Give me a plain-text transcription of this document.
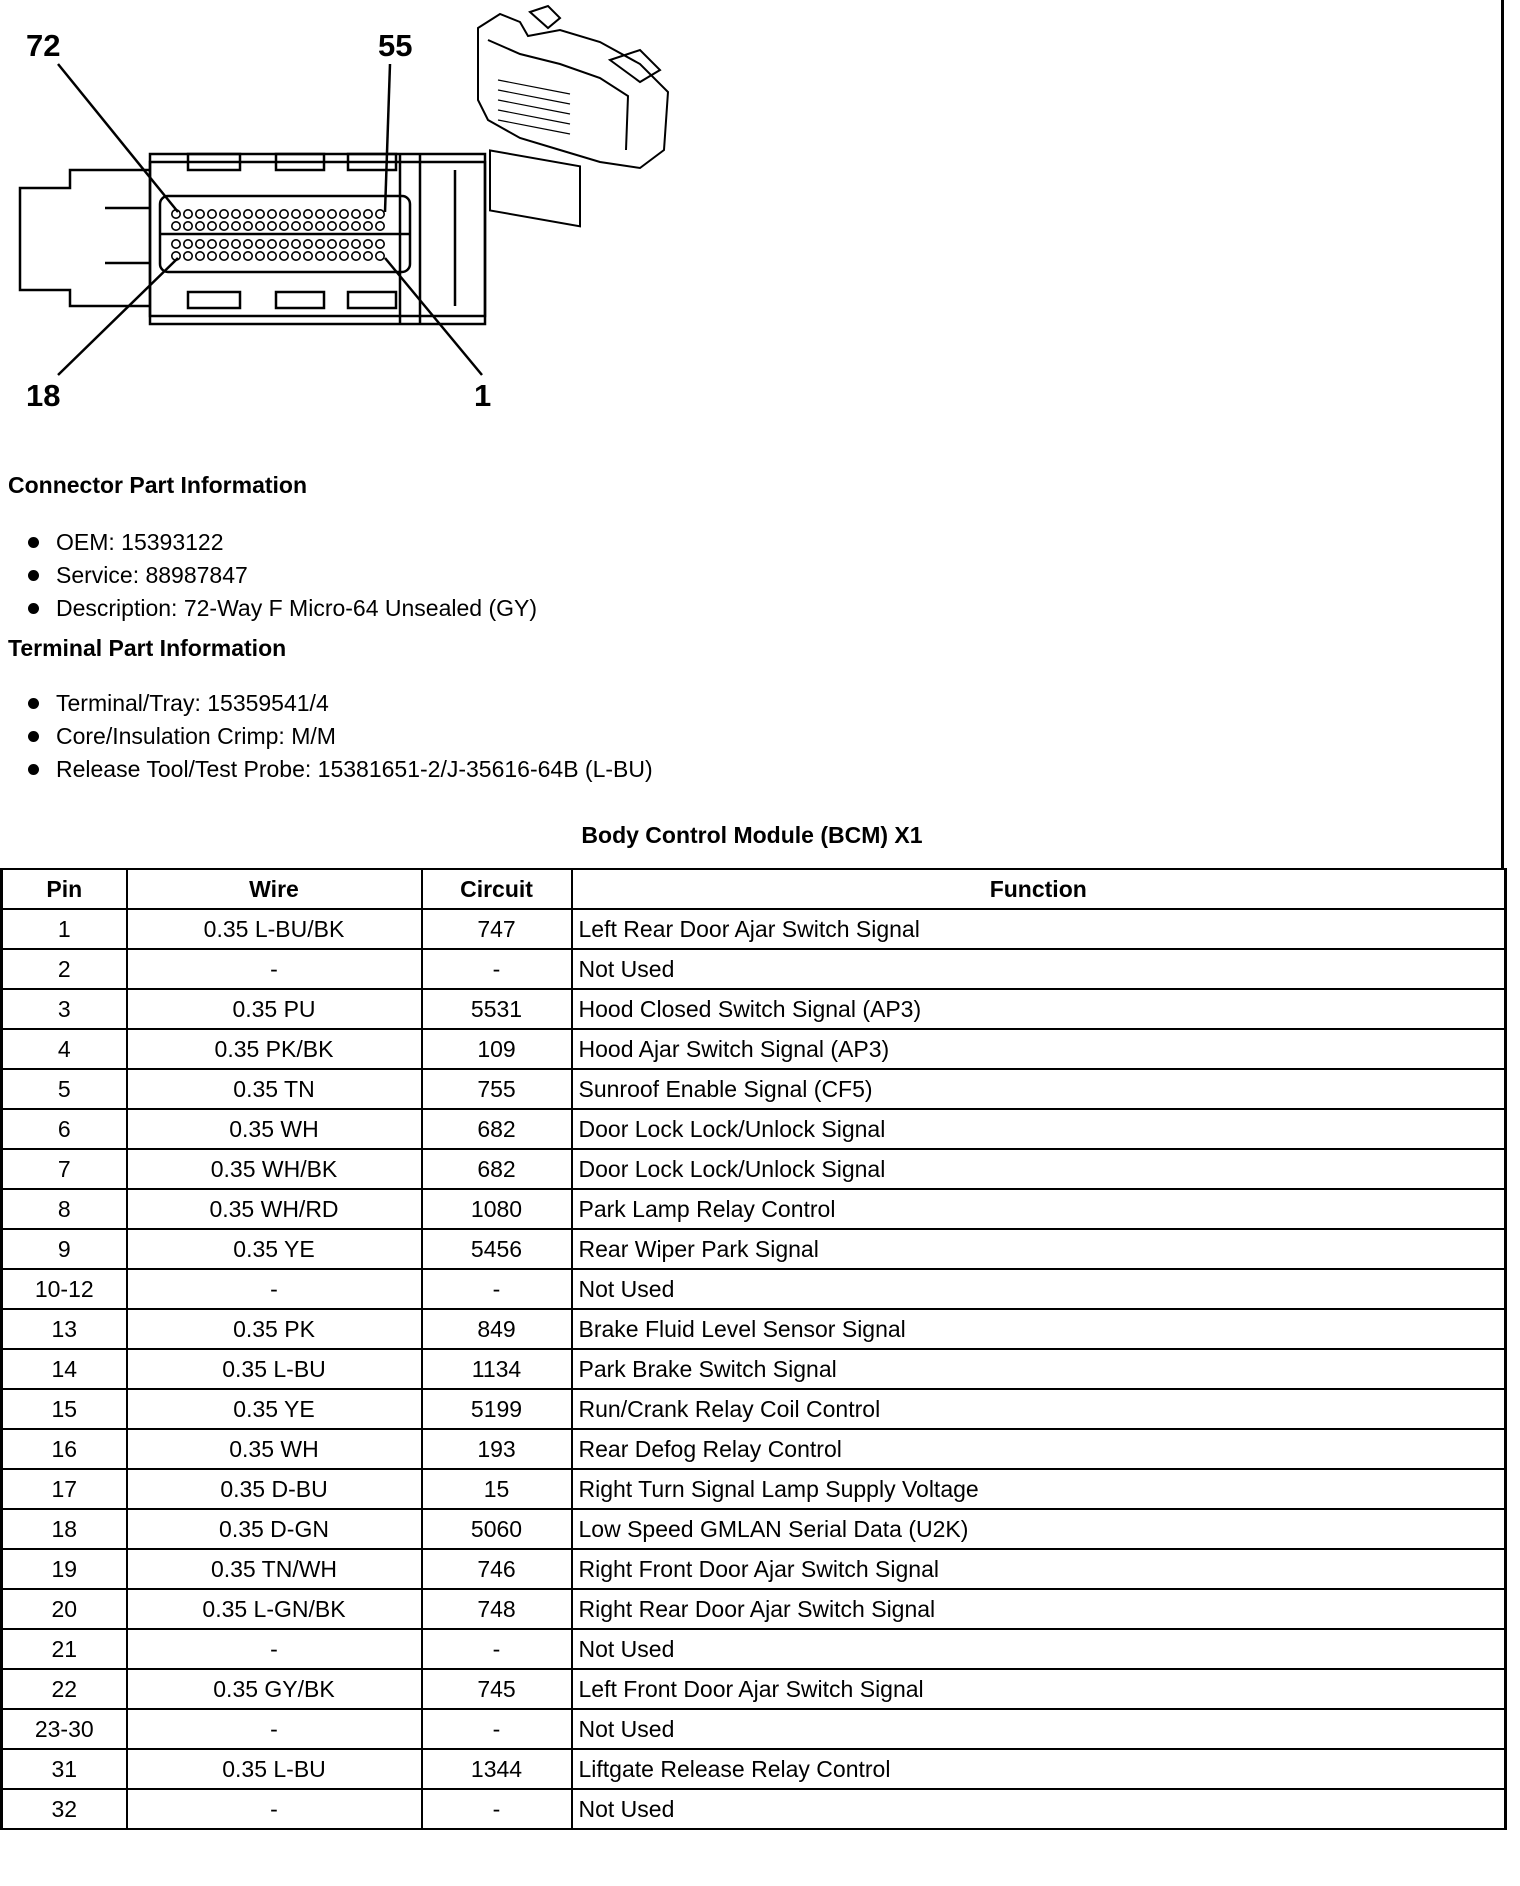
72	55
18	1
Connector Part Information
OEM: 15393122
Service: 88987847
Description: 72-Way F Micro-64 Unsealed (GY)
Terminal Part Information
Terminal/Tray: 15359541/4
Core/Insulation Crimp: M/M
Release Tool/Test Probe: 15381651-2/J-35616-64B (L-BU)
Body Control Module (BCM) X1
Pin	Wire	Circuit	Function
1	0.35 L-BU/BK	747	Left Rear Door Ajar Switch Signal
2	-	-	Not Used
3	0.35 PU	5531	Hood Closed Switch Signal (AP3)
4	0.35 PK/BK	109	Hood Ajar Switch Signal (AP3)
5	0.35 TN	755	Sunroof Enable Signal (CF5)
6	0.35 WH	682	Door Lock Lock/Unlock Signal
7	0.35 WH/BK	682	Door Lock Lock/Unlock Signal
8	0.35 WH/RD	1080	Park Lamp Relay Control
9	0.35 YE	5456	Rear Wiper Park Signal
10-12	-	-	Not Used
13	0.35 PK	849	Brake Fluid Level Sensor Signal
14	0.35 L-BU	1134	Park Brake Switch Signal
15	0.35 YE	5199	Run/Crank Relay Coil Control
16	0.35 WH	193	Rear Defog Relay Control
17	0.35 D-BU	15	Right Turn Signal Lamp Supply Voltage
18	0.35 D-GN	5060	Low Speed GMLAN Serial Data (U2K)
19	0.35 TN/WH	746	Right Front Door Ajar Switch Signal
20	0.35 L-GN/BK	748	Right Rear Door Ajar Switch Signal
21	-	-	Not Used
22	0.35 GY/BK	745	Left Front Door Ajar Switch Signal
23-30	-	-	Not Used
31	0.35 L-BU	1344	Liftgate Release Relay Control
32	-	-	Not Used
